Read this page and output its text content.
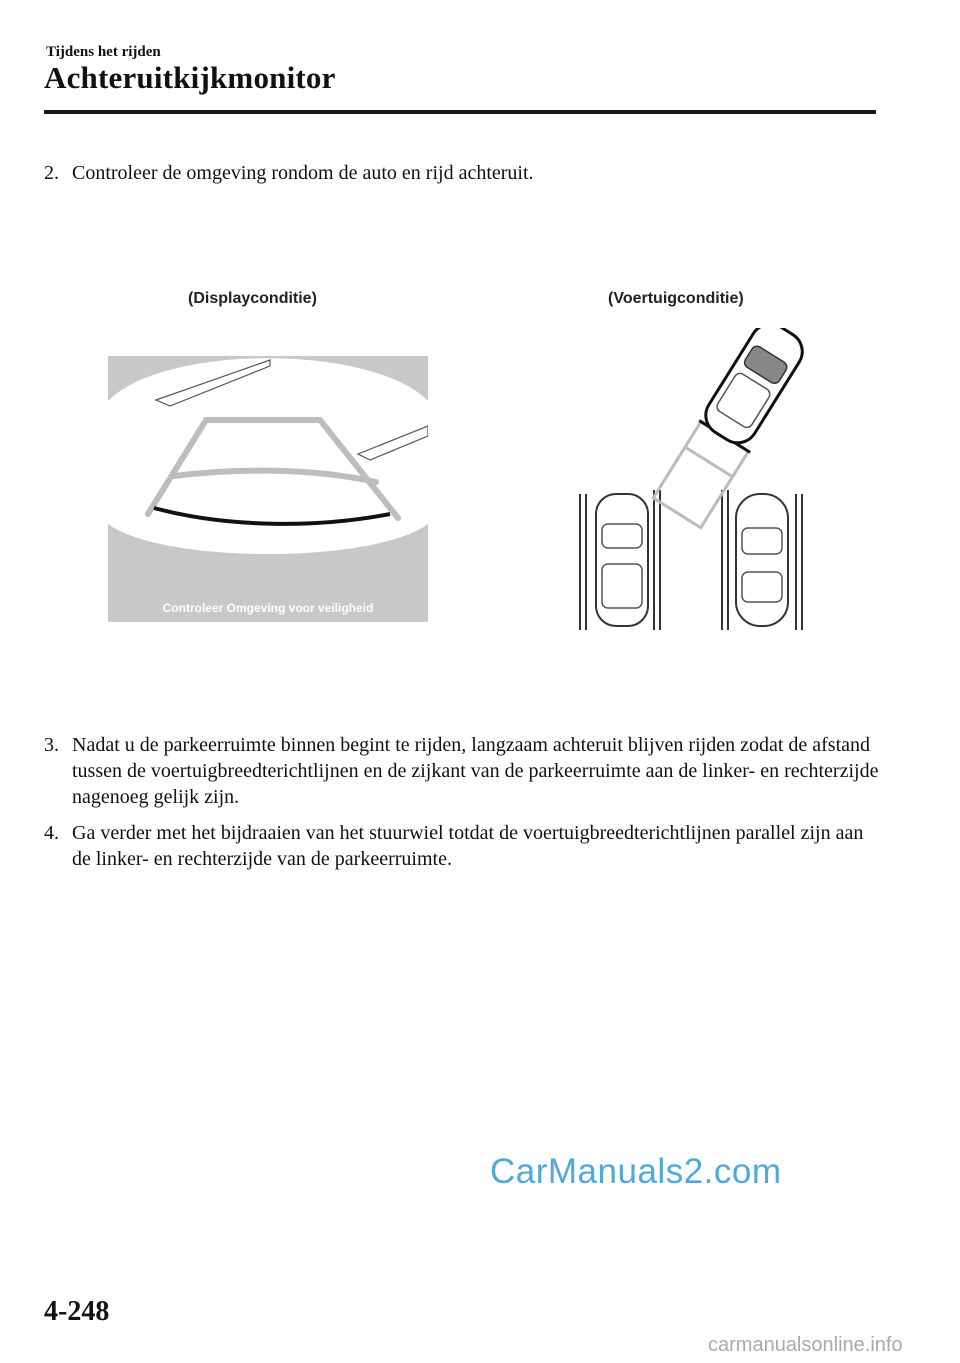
Tijdens het rijden
Achteruitkijkmonitor
2. Controleer de omgeving rondom de auto en rijd achteruit.
(Displayconditie)	(Voertuigconditie)
Controleer Omgeving voor veiligheid
3. Nadat u de parkeerruimte binnen begint te rijden, langzaam achteruit blijven rijden zodat de afstand tussen de voertuigbreedterichtlijnen en de zijkant van de parkeerruimte aan de linker- en rechterzijde nagenoeg gelijk zijn.
4. Ga verder met het bijdraaien van het stuurwiel totdat de voertuigbreedterichtlijnen parallel zijn aan de linker- en rechterzijde van de parkeerruimte.
CarManuals2.com
4-248
carmanualsonline.info
